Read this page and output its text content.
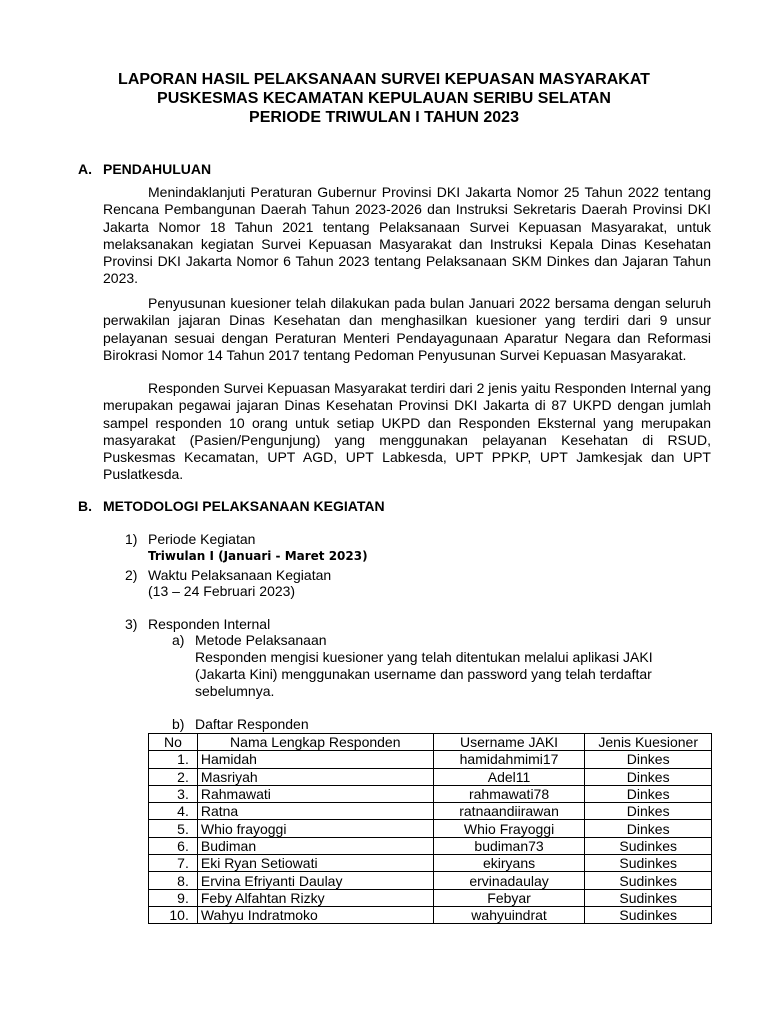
LAPORAN HASIL PELAKSANAAN SURVEI KEPUASAN MASYARAKAT
PUSKESMAS KECAMATAN KEPULAUAN SERIBU SELATAN
PERIODE TRIWULAN I TAHUN 2023
A. PENDAHULUAN

Menindaklanjuti Peraturan Gubernur Provinsi DKI Jakarta Nomor 25 Tahun 2022 tentang Rencana Pembangunan Daerah Tahun 2023-2026 dan Instruksi Sekretaris Daerah Provinsi DKI Jakarta Nomor 18 Tahun 2021 tentang Pelaksanaan Survei Kepuasan Masyarakat, untuk melaksanakan kegiatan Survei Kepuasan Masyarakat dan Instruksi Kepala Dinas Kesehatan Provinsi DKI Jakarta Nomor 6 Tahun 2023 tentang Pelaksanaan SKM Dinkes dan Jajaran Tahun 2023.

Penyusunan kuesioner telah dilakukan pada bulan Januari 2022 bersama dengan seluruh perwakilan jajaran Dinas Kesehatan dan menghasilkan kuesioner yang terdiri dari 9 unsur pelayanan sesuai dengan Peraturan Menteri Pendayagunaan Aparatur Negara dan Reformasi Birokrasi Nomor 14 Tahun 2017 tentang Pedoman Penyusunan Survei Kepuasan Masyarakat.

Responden Survei Kepuasan Masyarakat terdiri dari 2 jenis yaitu Responden Internal yang merupakan pegawai jajaran Dinas Kesehatan Provinsi DKI Jakarta di 87 UKPD dengan jumlah sampel responden 10 orang untuk setiap UKPD dan Responden Eksternal yang merupakan masyarakat (Pasien/Pengunjung) yang menggunakan pelayanan Kesehatan di RSUD, Puskesmas Kecamatan, UPT AGD, UPT Labkesda, UPT PPKP, UPT Jamkesjak dan UPT Puslatkesda.

B. METODOLOGI PELAKSANAAN KEGIATAN
1) Periode Kegiatan
Triwulan I (Januari - Maret 2023)
2) Waktu Pelaksanaan Kegiatan
(13 – 24 Februari 2023)
3) Responden Internal
a) Metode Pelaksanaan
Responden mengisi kuesioner yang telah ditentukan melalui aplikasi JAKI
(Jakarta Kini) menggunakan username dan password yang telah terdaftar
sebelumnya.
b) Daftar Responden
No	Nama Lengkap Responden	Username JAKI	Jenis Kuesioner
1.	Hamidah	hamidahmimi17	Dinkes
2.	Masriyah	Adel11	Dinkes
3.	Rahmawati	rahmawati78	Dinkes
4.	Ratna	ratnaandiirawan	Dinkes
5.	Whio frayoggi	Whio Frayoggi	Dinkes
6.	Budiman	budiman73	Sudinkes
7.	Eki Ryan Setiowati	ekiryans	Sudinkes
8.	Ervina Efriyanti Daulay	ervinadaulay	Sudinkes
9.	Feby Alfahtan Rizky	Febyar	Sudinkes
10.	Wahyu Indratmoko	wahyuindrat	Sudinkes
